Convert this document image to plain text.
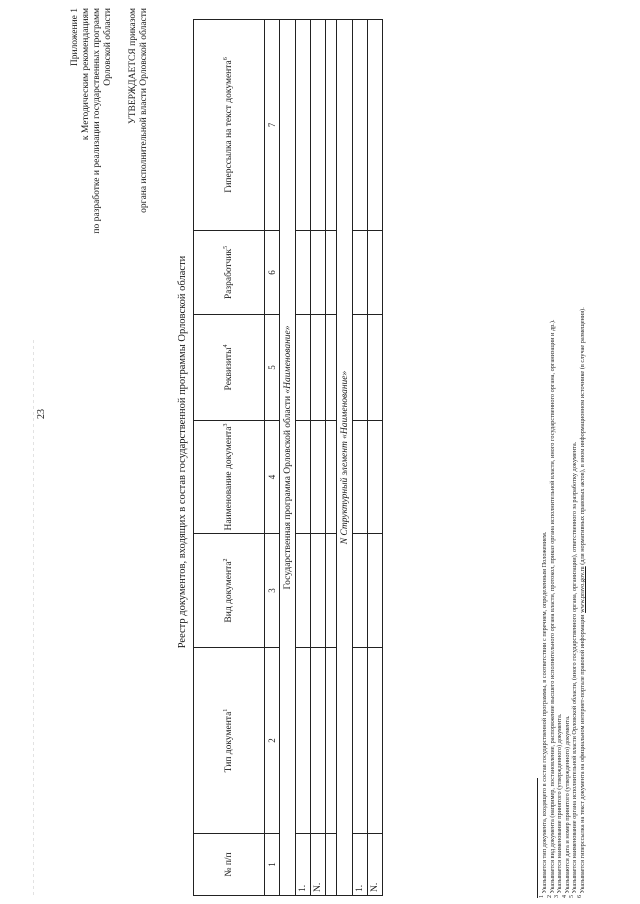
23
Приложение 1 к Методическим рекомендациям по разработке и реализации государственных программ Орловской области УТВЕРЖДАЕТСЯ приказом органа исполнительной власти Орловской области
Реестр документов, входящих в состав государственной программы Орловской области
№ п/п	Тип документа$^1$	Вид документа$^2$	Наименование документа$^3$	Реквизиты$^4$	Разработчик$^5$	Гиперссылка на текст документа$^6$
1	2	3	4	5	6	7
Государственная программа Орловской области «Наименование»						
1.						
N.						

N Структурный элемент «Наименование»						
1.						
N.						
$^1$ Указывается тип документа, входящего в состав государственной программы, в соответствии с перечнем, определенным Положением.
$^2$ Указывается вид документа (например, постановление, распоряжение высшего исполнительного органа власти, протокол, приказ органа исполнительной власти, иного государственного органа, организации и др.).
$^3$ Указывается наименование принятого (утвержденного) документа.
$^4$ Указываются дата и номер принятого (утвержденного) документа.
$^5$ Указывается наименование органа исполнительной власти Орловской области, (иного государственного органа, организации), ответственного за разработку документа.
$^6$ Указывается гиперссылка на текст документа на официальном интернет-портале правовой информации www.pravo.gov.ru (для нормативных правовых актов), в ином информационном источнике (в случае размещения).
